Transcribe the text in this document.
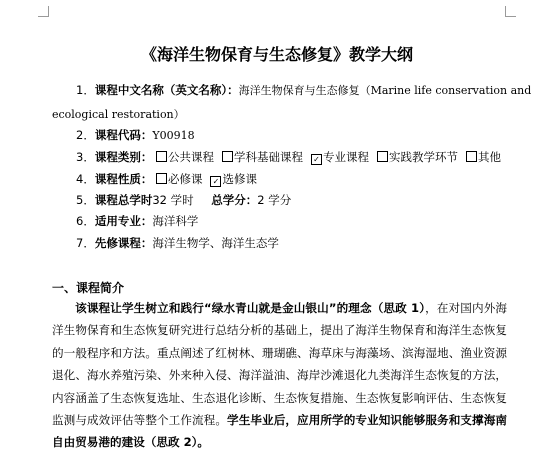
《海洋生物保育与生态修复》教学大纲
1．课程中文名称（英文名称）：海洋生物保育与生态修复（Marine life conservation and
ecological restoration）
2．课程代码：Y00918
3．课程类别： 公共课程 学科基础课程 ✓ 专业课程 实践教学环节 其他
4．课程性质： 必修课 ✓ 选修课
5．课程总学时32 学时 总学分：2 学分
6．适用专业：海洋科学
7．先修课程：海洋生物学、海洋生态学
一、课程简介
该课程让学生树立和践行“绿水青山就是金山银山”的理念（思政 1），在对国内外海洋生物保育和生态恢复研究进行总结分析的基础上，提出了海洋生物保育和海洋生态恢复的一般程序和方法。重点阐述了红树林、珊瑚礁、海草床与海藻场、滨海湿地、渔业资源退化、海水养殖污染、外来种入侵、海洋溢油、海岸沙滩退化九类海洋生态恢复的方法，内容涵盖了生态恢复选址、生态退化诊断、生态恢复措施、生态恢复影响评估、生态恢复监测与成效评估等整个工作流程。学生毕业后，应用所学的专业知识能够服务和支撑海南自由贸易港的建设（思政 2）。
